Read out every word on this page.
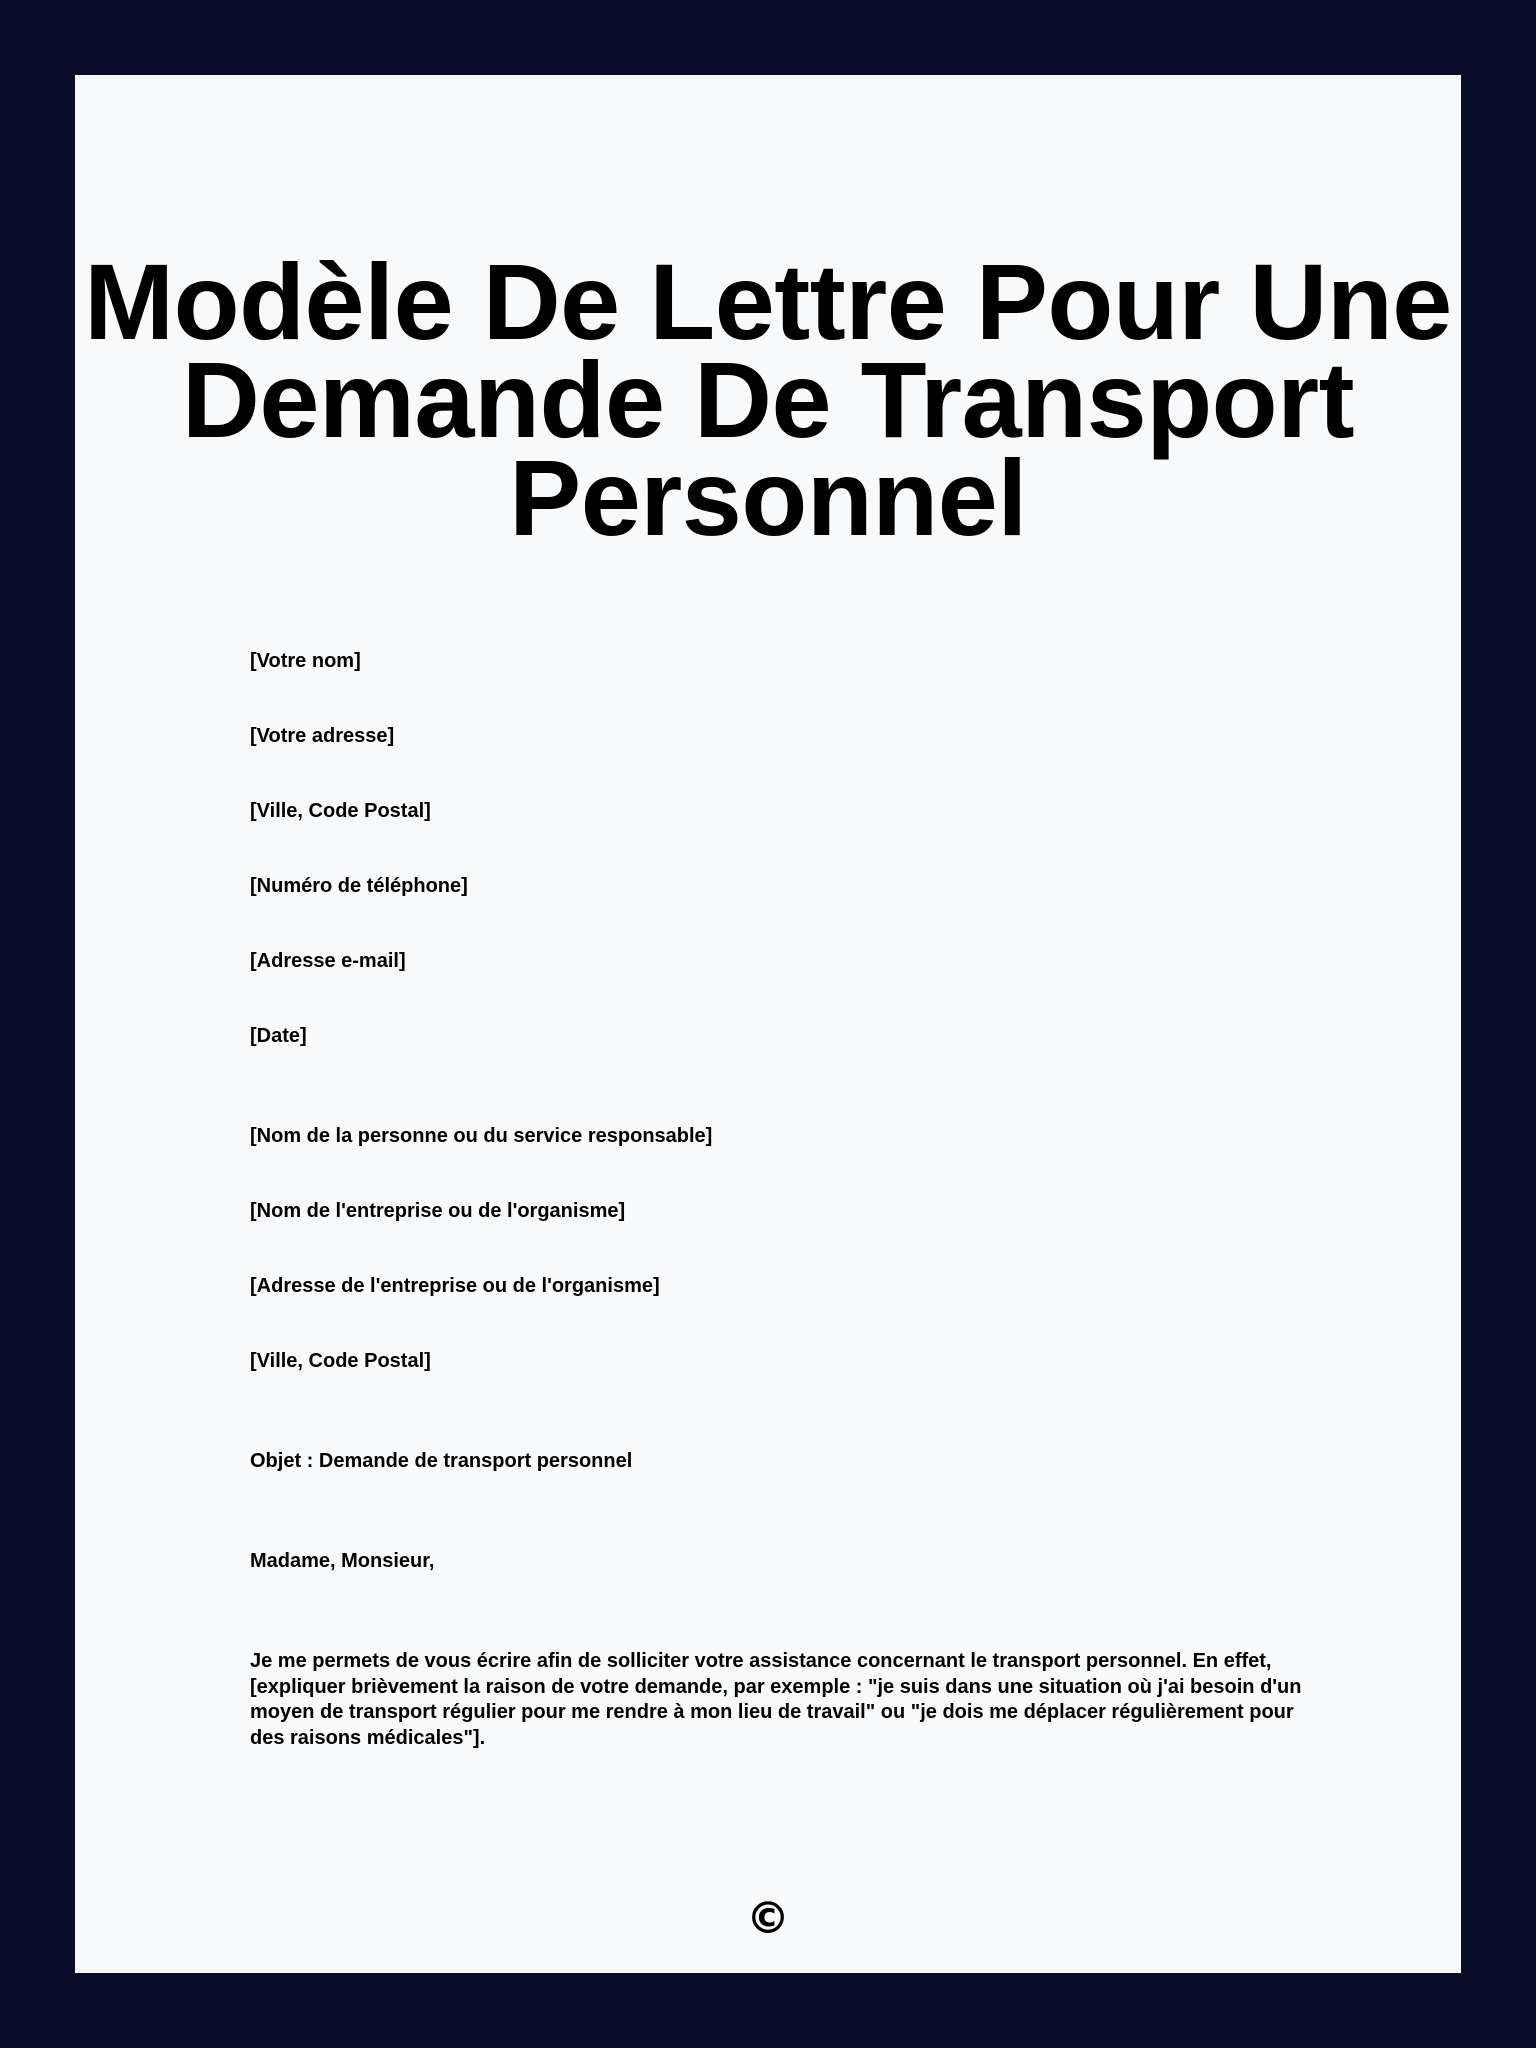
Modèle De Lettre Pour Une Demande De Transport Personnel

[Votre nom]

[Votre adresse]

[Ville, Code Postal]

[Numéro de téléphone]

[Adresse e-mail]

[Date]

[Nom de la personne ou du service responsable]

[Nom de l'entreprise ou de l'organisme]

[Adresse de l'entreprise ou de l'organisme]

[Ville, Code Postal]

Objet : Demande de transport personnel

Madame, Monsieur,

Je me permets de vous écrire afin de solliciter votre assistance concernant le transport personnel. En effet, [expliquer brièvement la raison de votre demande, par exemple : "je suis dans une situation où j'ai besoin d'un moyen de transport régulier pour me rendre à mon lieu de travail" ou "je dois me déplacer régulièrement pour des raisons médicales"].

©
